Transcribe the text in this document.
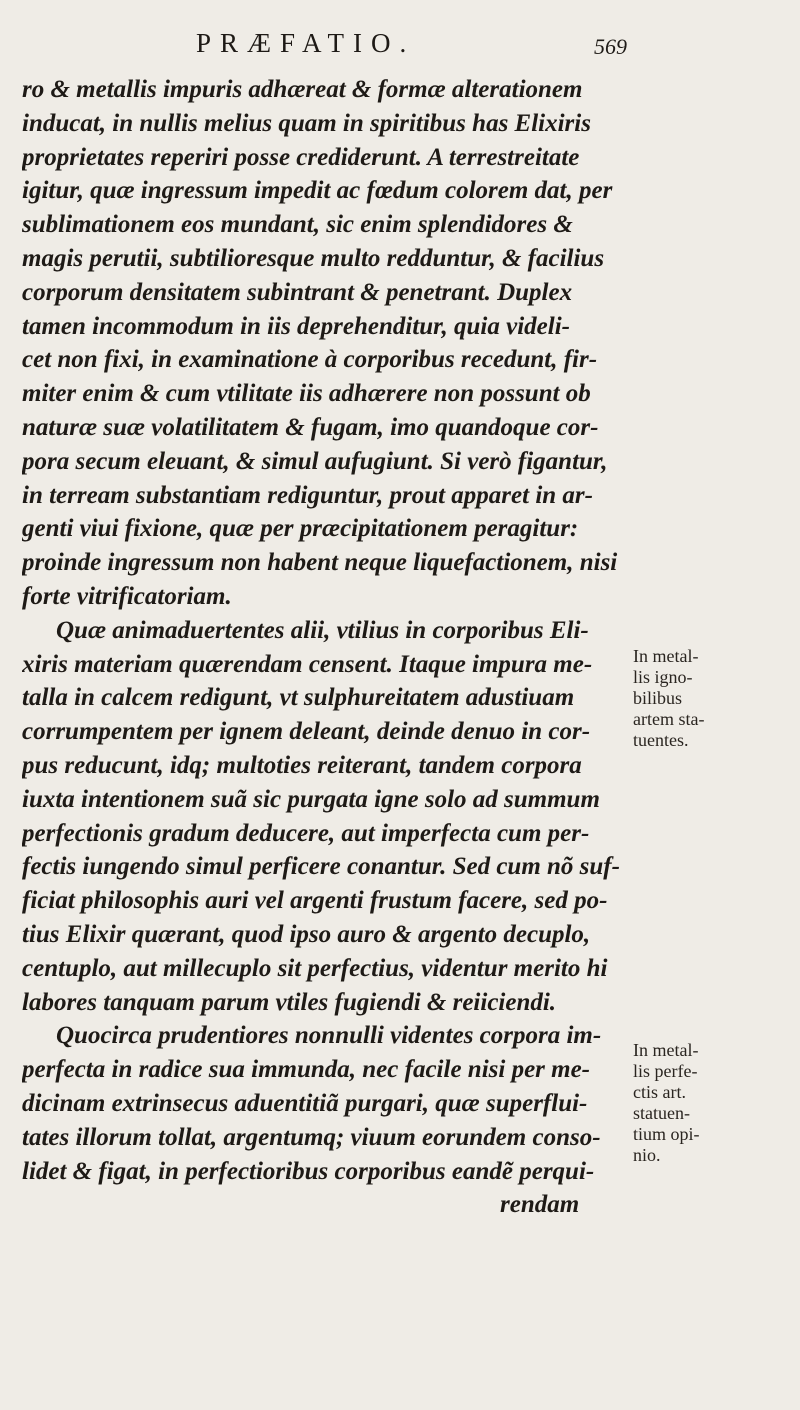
PRÆFATIO.	569
ro & metallis impuris adhæreat & formæ alterationem
inducat, in nullis melius quam in spiritibus has Elixiris
proprietates reperiri posse crediderunt. A terrestreitate
igitur, quæ ingressum impedit ac fœdum colorem dat, per
sublimationem eos mundant, sic enim splendidores &
magis perutii, subtilioresque multo redduntur, & facilius
corporum densitatem subintrant & penetrant. Duplex
tamen incommodum in iis deprehenditur, quia videli-
cet non fixi, in examinatione à corporibus recedunt, fir-
miter enim & cum vtilitate iis adhærere non possunt ob
naturæ suæ volatilitatem & fugam, imo quandoque cor-
pora secum eleuant, & simul aufugiunt. Si verò figantur,
in terream substantiam rediguntur, prout apparet in ar-
genti viui fixione, quæ per præcipitationem peragitur:
proinde ingressum non habent neque liquefactionem, nisi
forte vitrificatoriam.
Quæ animaduertentes alii, vtilius in corporibus Eli-
xiris materiam quærendam censent. Itaque impura me-
talla in calcem redigunt, vt sulphureitatem adustiuam
corrumpentem per ignem deleant, deinde denuo in cor-
pus reducunt, idq; multoties reiterant, tandem corpora
iuxta intentionem suã sic purgata igne solo ad summum
perfectionis gradum deducere, aut imperfecta cum per-
fectis iungendo simul perficere conantur. Sed cum nõ suf-
ficiat philosophis auri vel argenti frustum facere, sed po-
tius Elixir quærant, quod ipso auro & argento decuplo,
centuplo, aut millecuplo sit perfectius, videntur merito hi
labores tanquam parum vtiles fugiendi & reiiciendi.
Quocirca prudentiores nonnulli videntes corpora im-
perfecta in radice sua immunda, nec facile nisi per me-
dicinam extrinsecus aduentitiã purgari, quæ superflui-
tates illorum tollat, argentumq; viuum eorundem conso-
lidet & figat, in perfectioribus corporibus eandẽ perqui-
rendam
In metal-
lis igno-
bilibus
artem sta-
tuentes.
In metal-
lis perfe-
ctis art.
statuen-
tium opi-
nio.
